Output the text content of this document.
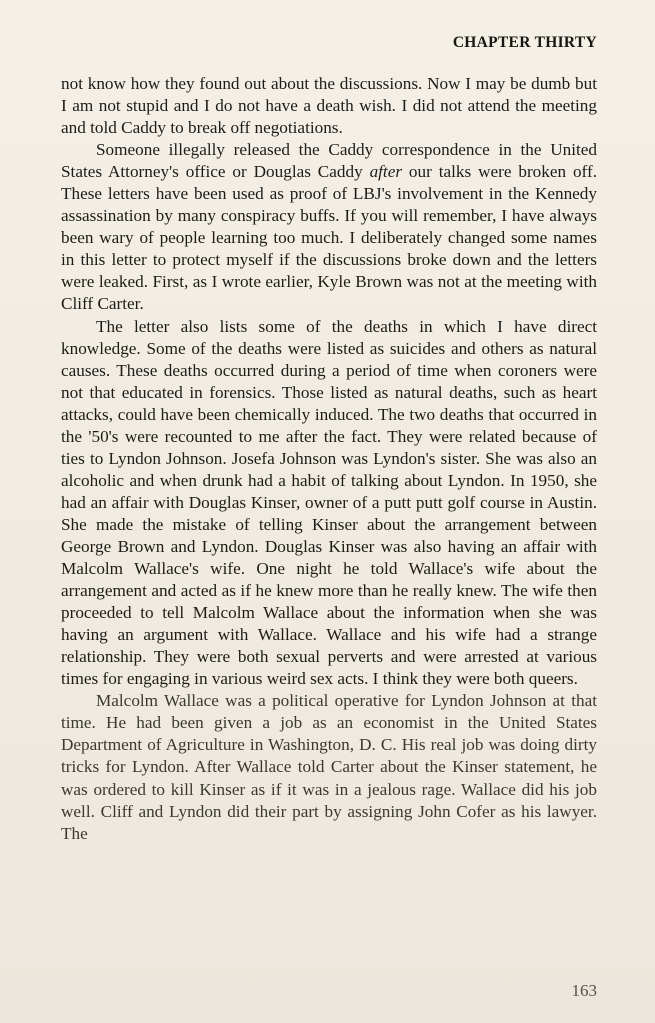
CHAPTER THIRTY

not know how they found out about the discussions. Now I may be dumb but I am not stupid and I do not have a death wish. I did not attend the meeting and told Caddy to break off negotiations.

Someone illegally released the Caddy correspondence in the United States Attorney's office or Douglas Caddy after our talks were broken off. These letters have been used as proof of LBJ's involvement in the Kennedy assassination by many conspiracy buffs. If you will remember, I have always been wary of people learning too much. I deliberately changed some names in this letter to protect myself if the discussions broke down and the letters were leaked. First, as I wrote earlier, Kyle Brown was not at the meeting with Cliff Carter.

The letter also lists some of the deaths in which I have direct knowledge. Some of the deaths were listed as suicides and others as natural causes. These deaths occurred during a period of time when coroners were not that educated in forensics. Those listed as natural deaths, such as heart attacks, could have been chemically induced. The two deaths that occurred in the '50's were recounted to me after the fact. They were related because of ties to Lyndon Johnson. Josefa Johnson was Lyndon's sister. She was also an alcoholic and when drunk had a habit of talking about Lyndon. In 1950, she had an affair with Douglas Kinser, owner of a putt putt golf course in Austin. She made the mistake of telling Kinser about the arrangement between George Brown and Lyndon. Douglas Kinser was also having an affair with Malcolm Wallace's wife. One night he told Wallace's wife about the arrangement and acted as if he knew more than he really knew. The wife then proceeded to tell Malcolm Wallace about the information when she was having an argument with Wallace. Wallace and his wife had a strange relationship. They were both sexual perverts and were arrested at various times for engaging in various weird sex acts. I think they were both queers.

Malcolm Wallace was a political operative for Lyndon Johnson at that time. He had been given a job as an economist in the United States Department of Agriculture in Washington, D. C. His real job was doing dirty tricks for Lyndon. After Wallace told Carter about the Kinser statement, he was ordered to kill Kinser as if it was in a jealous rage. Wallace did his job well. Cliff and Lyndon did their part by assigning John Cofer as his lawyer. The

163
